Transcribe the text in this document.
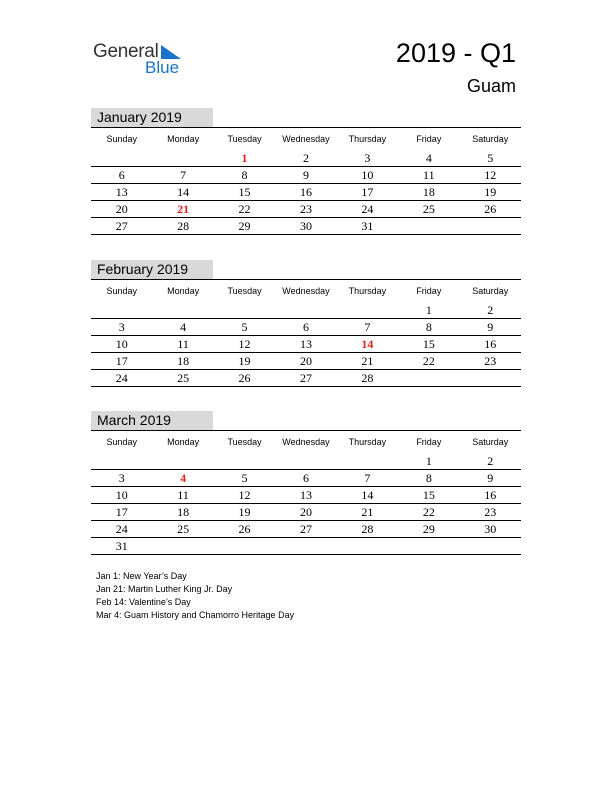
General
Blue	2019 - Q1
Guam
January 2019
Sunday	Monday	Tuesday	Wednesday	Thursday	Friday	Saturday
		1	2	3	4	5
6	7	8	9	10	11	12
13	14	15	16	17	18	19
20	21	22	23	24	25	26
27	28	29	30	31		
February 2019
Sunday	Monday	Tuesday	Wednesday	Thursday	Friday	Saturday
					1	2
3	4	5	6	7	8	9
10	11	12	13	14	15	16
17	18	19	20	21	22	23
24	25	26	27	28		
March 2019
Sunday	Monday	Tuesday	Wednesday	Thursday	Friday	Saturday
					1	2
3	4	5	6	7	8	9
10	11	12	13	14	15	16
17	18	19	20	21	22	23
24	25	26	27	28	29	30
31						
Jan 1: New Year’s Day
Jan 21: Martin Luther King Jr. Day
Feb 14: Valentine’s Day
Mar 4: Guam History and Chamorro Heritage Day
